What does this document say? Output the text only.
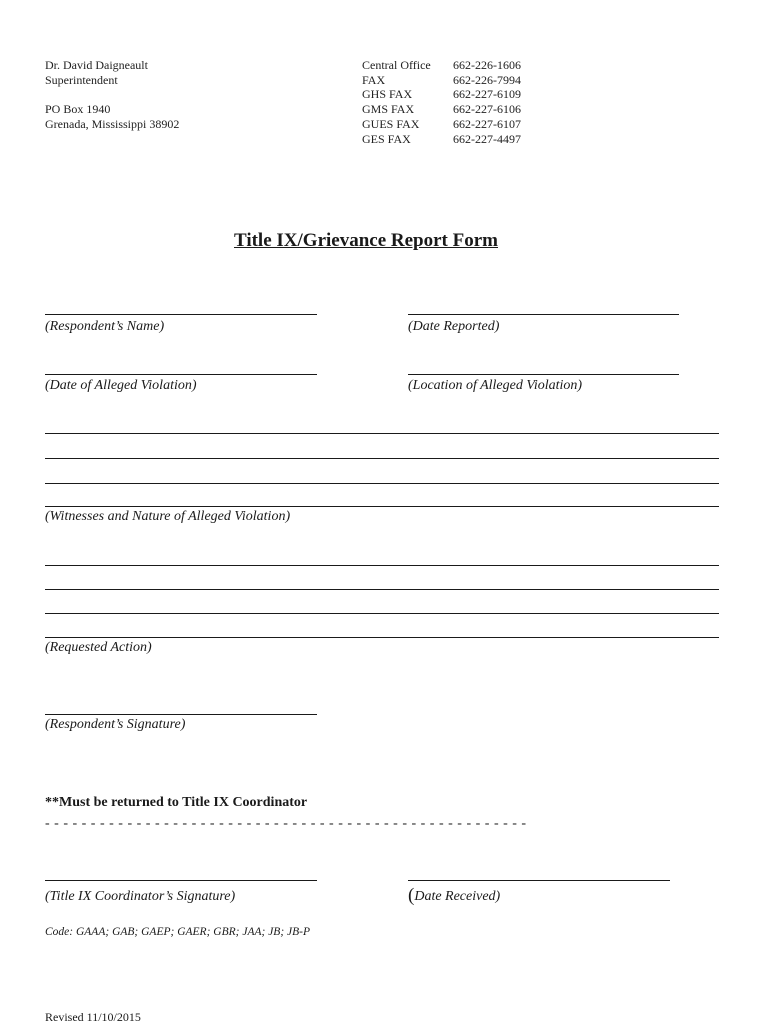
Dr. David Daigneault
Superintendent
PO Box 1940
Grenada, Mississippi 38902
Central Office	662-226-1606
FAX	662-226-7994
GHS FAX	662-227-6109
GMS FAX	662-227-6106
GUES FAX	662-227-6107
GES FAX	662-227-4497
Title IX/Grievance Report Form
(Respondent’s Name)	(Date Reported)
(Date of Alleged Violation)	(Location of Alleged Violation)
(Witnesses and Nature of Alleged Violation)
(Requested Action)
(Respondent’s Signature)
**Must be returned to Title IX Coordinator
- - - - - - - - - - - - - - - - - - - - - - - - - - - - - - - - - - - - - - - - - - - - - - - - - - - - -
(Title IX Coordinator’s Signature)	(Date Received)
Code: GAAA; GAB; GAEP; GAER; GBR; JAA; JB; JB-P
Revised 11/10/2015
